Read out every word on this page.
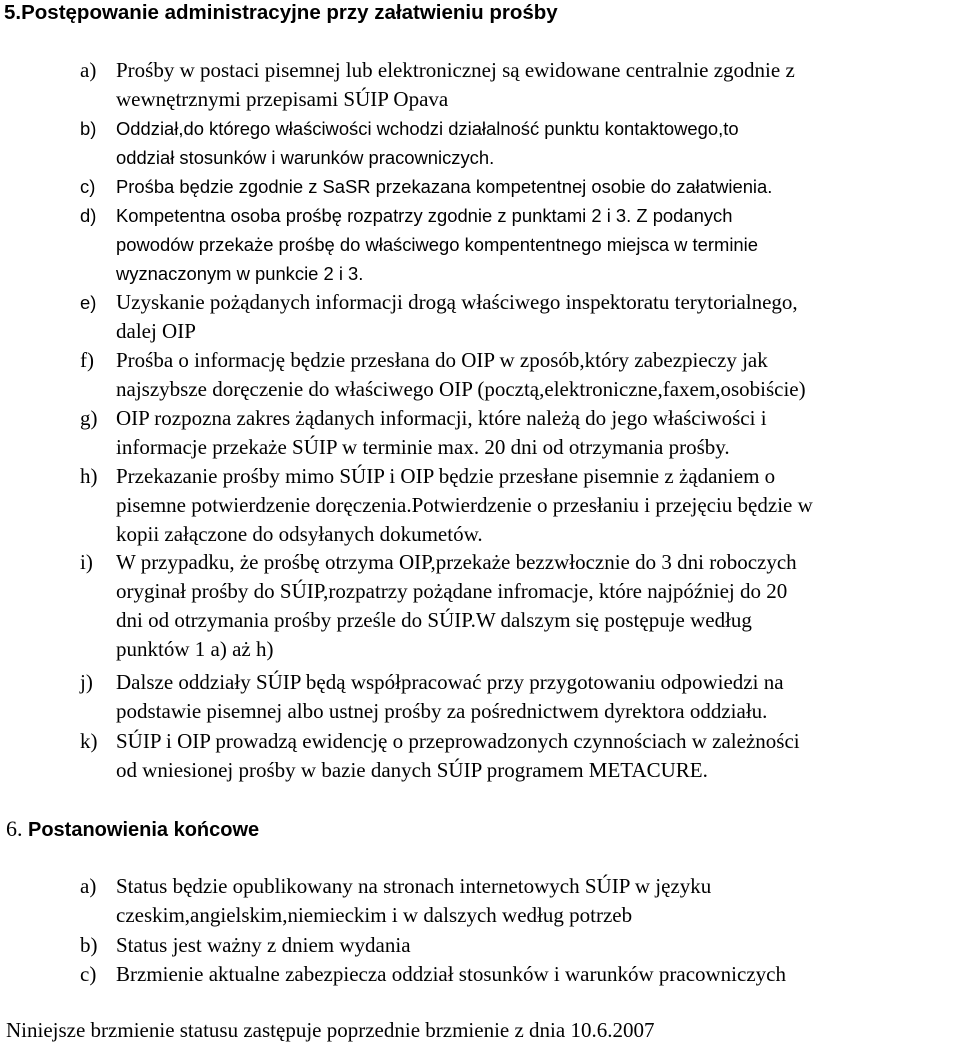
5.Postępowanie administracyjne przy załatwieniu prośby
a) Prośby w postaci pisemnej lub elektronicznej są ewidowane centralnie zgodnie z
wewnętrznymi przepisami SÚIP Opava
b) Oddział,do którego właściwości wchodzi działalność punktu kontaktowego,to
oddział stosunków i warunków pracowniczych.
c) Prośba będzie zgodnie z SaSR przekazana kompetentnej osobie do załatwienia.
d) Kompetentna osoba prośbę rozpatrzy zgodnie z punktami 2 i 3. Z podanych
powodów przekaże prośbę do właściwego kompententnego miejsca w terminie
wyznaczonym w punkcie 2 i 3.
e) Uzyskanie pożądanych informacji drogą właściwego inspektoratu terytorialnego,
dalej OIP
f) Prośba o informację będzie przesłana do OIP w zposób,który zabezpieczy jak
najszybsze doręczenie do właściwego OIP (pocztą,elektroniczne,faxem,osobiście)
g) OIP rozpozna zakres żądanych informacji, które należą do jego właściwości i
informacje przekaże SÚIP w terminie max. 20 dni od otrzymania prośby.
h) Przekazanie prośby mimo SÚIP i OIP będzie przesłane pisemnie z żądaniem o
pisemne potwierdzenie doręczenia.Potwierdzenie o przesłaniu i przejęciu będzie w
kopii załączone do odsyłanych dokumetów.
i) W przypadku, że prośbę otrzyma OIP,przekaże bezzwłocznie do 3 dni roboczych
oryginał prośby do SÚIP,rozpatrzy pożądane infromacje, które najpóźniej do 20
dni od otrzymania prośby prześle do SÚIP.W dalszym się postępuje według
punktów 1 a) aż h)
j) Dalsze oddziały SÚIP będą współpracować przy przygotowaniu odpowiedzi na
podstawie pisemnej albo ustnej prośby za pośrednictwem dyrektora oddziału.
k) SÚIP i OIP prowadzą ewidencję o przeprowadzonych czynnościach w zależności
od wniesionej prośby w bazie danych SÚIP programem METACURE.
6. Postanowienia końcowe
a) Status będzie opublikowany na stronach internetowych SÚIP w języku
czeskim,angielskim,niemieckim i w dalszych według potrzeb
b) Status jest ważny z dniem wydania
c) Brzmienie aktualne zabezpiecza oddział stosunków i warunków pracowniczych
Niniejsze brzmienie statusu zastępuje poprzednie brzmienie z dnia 10.6.2007
